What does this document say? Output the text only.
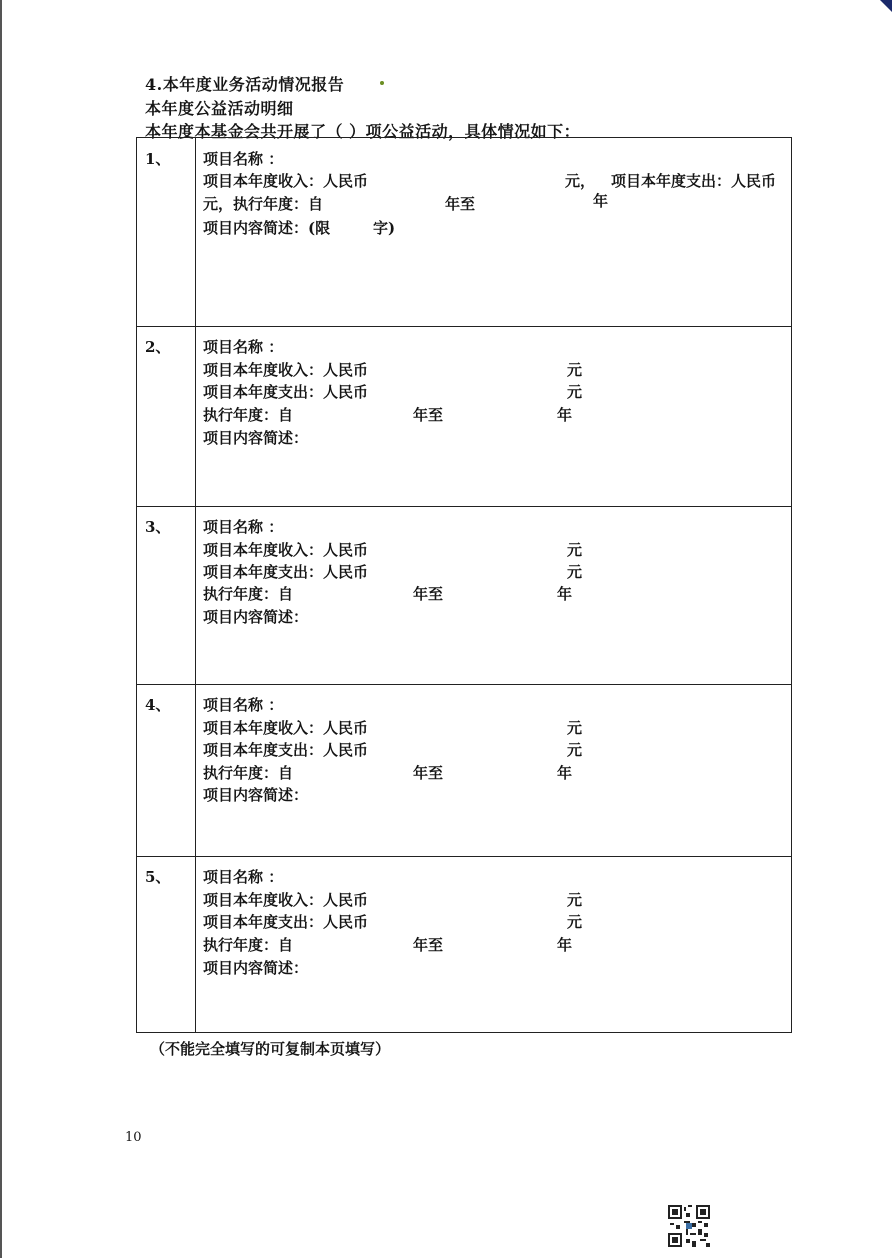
4.本年度业务活动情况报告
本年度公益活动明细
本年度本基金会共开展了（ ）项公益活动，具体情况如下：
1、 项目名称 ：
项目本年度收入：人民币	元， 项目本年度支出：人民币
元，执行年度：自	年至	年
项目内容简述：(限	字)
2、 项目名称 ：
项目本年度收入：人民币	元
项目本年度支出：人民币	元
执行年度：自	年至	年
项目内容简述：
3、 项目名称 ：
项目本年度收入：人民币	元
项目本年度支出：人民币	元
执行年度：自	年至	年
项目内容简述：
4、 项目名称 ：
项目本年度收入：人民币	元
项目本年度支出：人民币	元
执行年度：自	年至	年
项目内容简述：
5、 项目名称 ：
项目本年度收入：人民币	元
项目本年度支出：人民币	元
执行年度：自	年至	年
项目内容简述：
（不能完全填写的可复制本页填写）
10
